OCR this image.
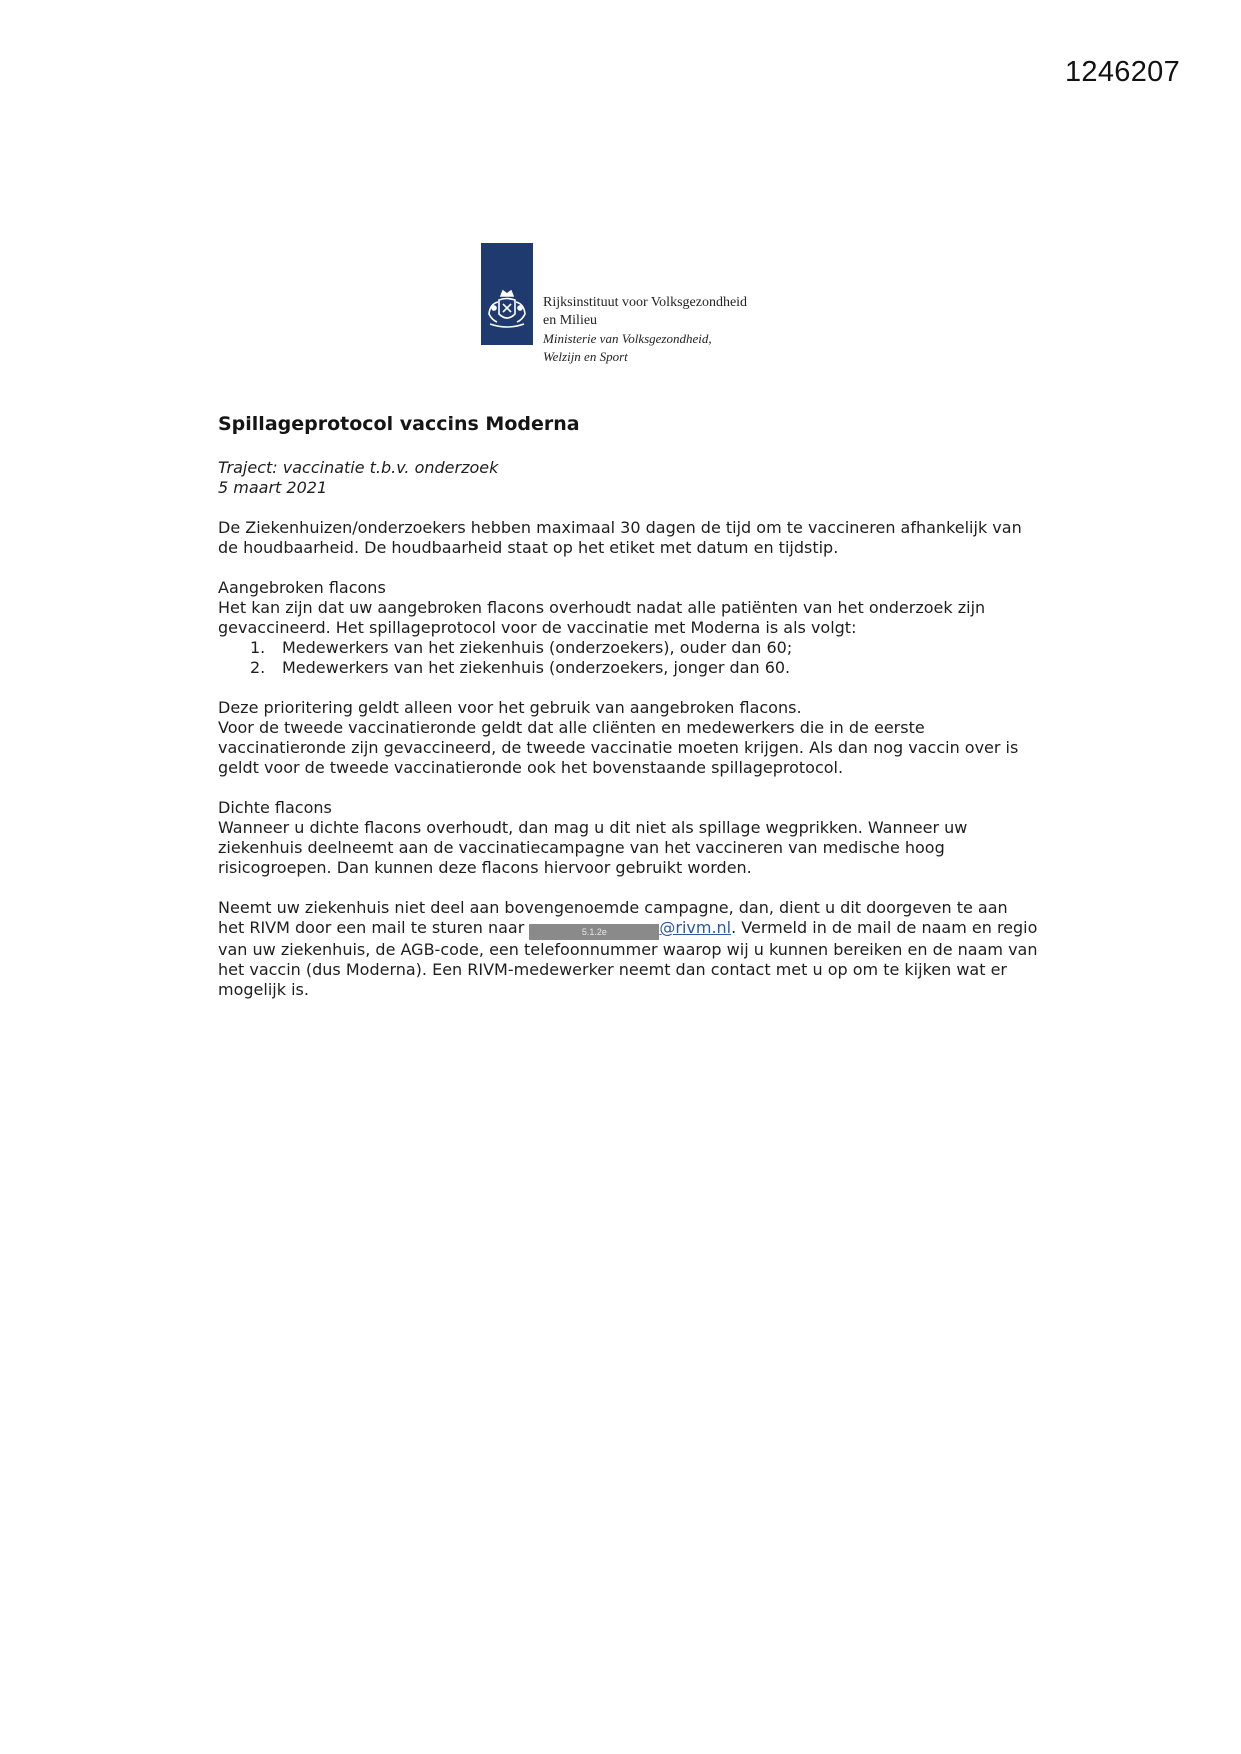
1246207
Rijksinstituut voor Volksgezondheid
en Milieu
Ministerie van Volksgezondheid,
Welzijn en Sport
Spillageprotocol vaccins Moderna
Traject: vaccinatie t.b.v. onderzoek
5 maart 2021

De Ziekenhuizen/onderzoekers hebben maximaal 30 dagen de tijd om te vaccineren afhankelijk van de houdbaarheid. De houdbaarheid staat op het etiket met datum en tijdstip.

Aangebroken flacons
Het kan zijn dat uw aangebroken flacons overhoudt nadat alle patiënten van het onderzoek zijn gevaccineerd. Het spillageprotocol voor de vaccinatie met Moderna is als volgt:
1.	Medewerkers van het ziekenhuis (onderzoekers), ouder dan 60;
2.	Medewerkers van het ziekenhuis (onderzoekers, jonger dan 60.
Deze prioritering geldt alleen voor het gebruik van aangebroken flacons.
Voor de tweede vaccinatieronde geldt dat alle cliënten en medewerkers die in de eerste vaccinatieronde zijn gevaccineerd, de tweede vaccinatie moeten krijgen. Als dan nog vaccin over is geldt voor de tweede vaccinatieronde ook het bovenstaande spillageprotocol.
Dichte flacons
Wanneer u dichte flacons overhoudt, dan mag u dit niet als spillage wegprikken. Wanneer uw ziekenhuis deelneemt aan de vaccinatiecampagne van het vaccineren van medische hoog risicogroepen. Dan kunnen deze flacons hiervoor gebruikt worden.

Neemt uw ziekenhuis niet deel aan bovengenoemde campagne, dan, dient u dit doorgeven te aan het RIVM door een mail te sturen naar	5.1.2e	@rivm.nl. Vermeld in de mail de naam en regio van uw ziekenhuis, de AGB-code, een telefoonnummer waarop wij u kunnen bereiken en de naam van het vaccin (dus Moderna). Een RIVM-medewerker neemt dan contact met u op om te kijken wat er mogelijk is.
